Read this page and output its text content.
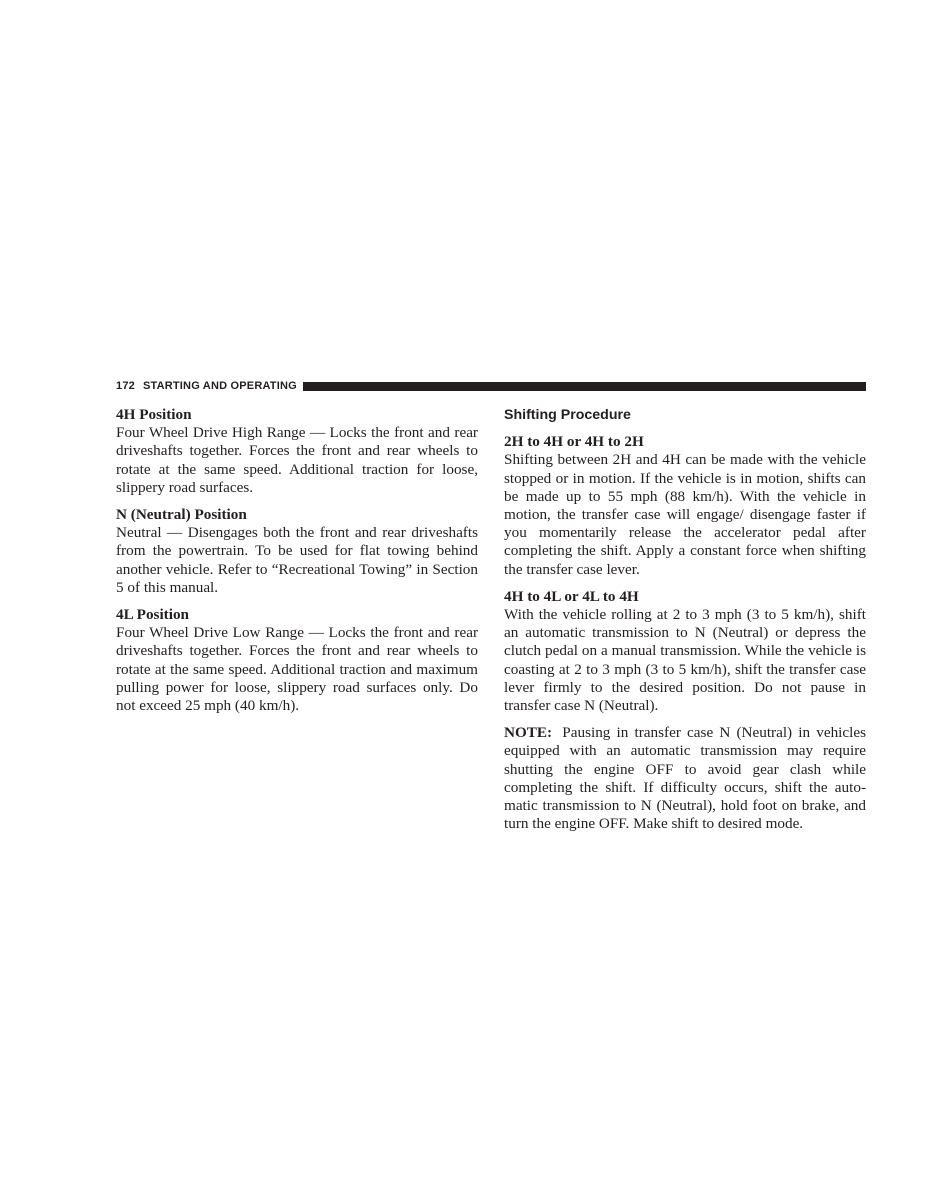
172 STARTING AND OPERATING
4H Position

Four Wheel Drive High Range — Locks the front and rear driveshafts together. Forces the front and rear wheels to rotate at the same speed. Additional traction for loose, slippery road surfaces.

N (Neutral) Position

Neutral — Disengages both the front and rear driveshafts from the powertrain. To be used for flat towing behind another vehicle. Refer to “Recreational Towing” in Section 5 of this manual.

4L Position

Four Wheel Drive Low Range — Locks the front and rear driveshafts together. Forces the front and rear wheels to rotate at the same speed. Additional traction and maximum pulling power for loose, slippery road surfaces only. Do not exceed 25 mph (40 km/h).

Shifting Procedure
2H to 4H or 4H to 2H

Shifting between 2H and 4H can be made with the vehicle stopped or in motion. If the vehicle is in motion, shifts can be made up to 55 mph (88 km/h). With the vehicle in motion, the transfer case will engage/ disengage faster if you momentarily release the accelerator pedal after completing the shift. Apply a constant force when shifting the transfer case lever.

4H to 4L or 4L to 4H

With the vehicle rolling at 2 to 3 mph (3 to 5 km/h), shift an automatic transmission to N (Neutral) or depress the clutch pedal on a manual transmission. While the vehicle is coasting at 2 to 3 mph (3 to 5 km/h), shift the transfer case lever firmly to the desired position. Do not pause in transfer case N (Neutral).

NOTE: Pausing in transfer case N (Neutral) in vehicles equipped with an automatic transmission may require shutting the engine OFF to avoid gear clash while completing the shift. If difficulty occurs, shift the automatic transmission to N (Neutral), hold foot on brake, and turn the engine OFF. Make shift to desired mode.
